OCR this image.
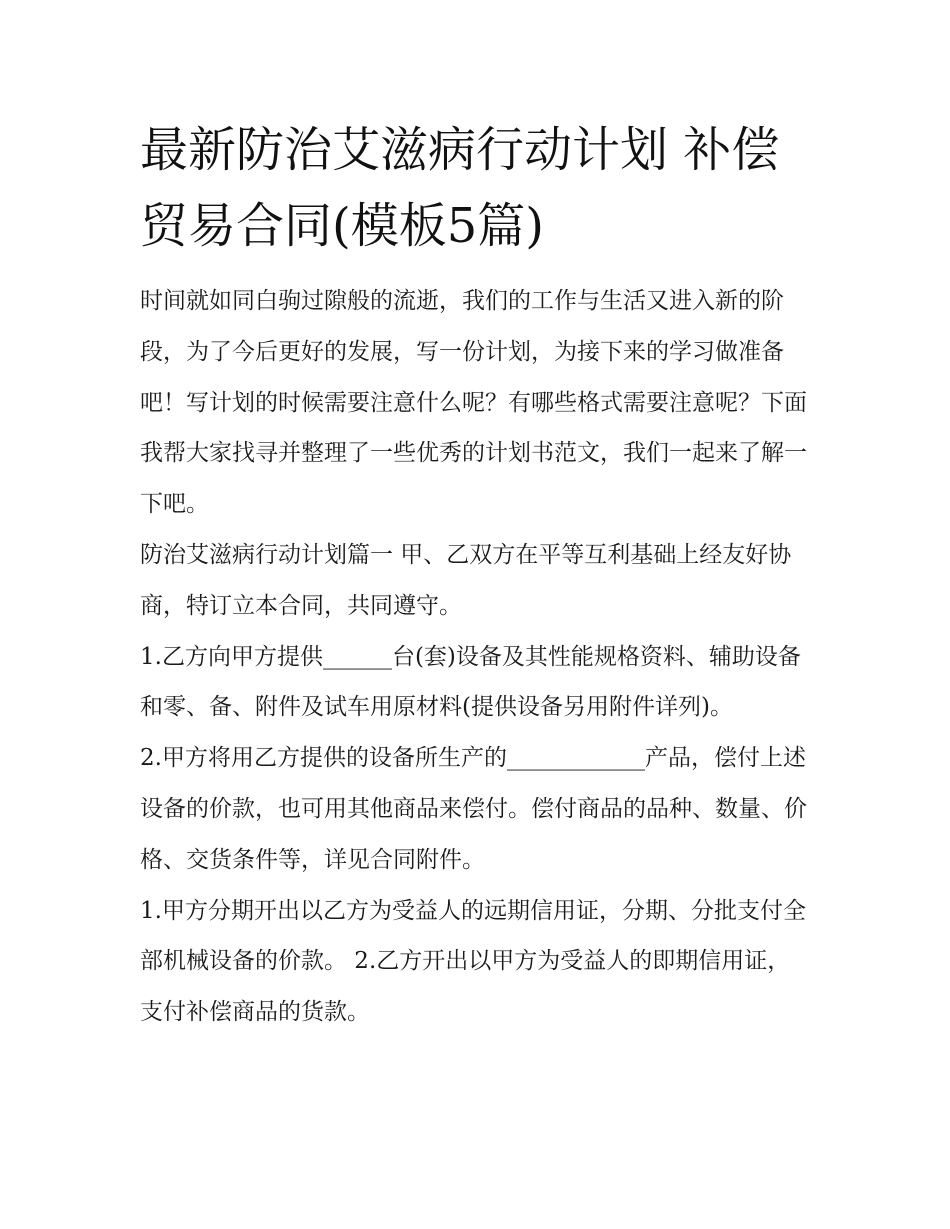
最新防治艾滋病行动计划 补偿贸易合同(模板5篇)
时间就如同白驹过隙般的流逝，我们的工作与生活又进入新的阶段，为了今后更好的发展，写一份计划，为接下来的学习做准备吧！写计划的时候需要注意什么呢？有哪些格式需要注意呢？下面我帮大家找寻并整理了一些优秀的计划书范文，我们一起来了解一下吧。
防治艾滋病行动计划篇一 甲、乙双方在平等互利基础上经友好协商，特订立本合同，共同遵守。
1.乙方向甲方提供______台(套)设备及其性能规格资料、辅助设备和零、备、附件及试车用原材料(提供设备另用附件详列)。
2.甲方将用乙方提供的设备所生产的____________产品，偿付上述设备的价款，也可用其他商品来偿付。偿付商品的品种、数量、价格、交货条件等，详见合同附件。
1.甲方分期开出以乙方为受益人的远期信用证，分期、分批支付全部机械设备的价款。 2.乙方开出以甲方为受益人的即期信用证，支付补偿商品的货款。
